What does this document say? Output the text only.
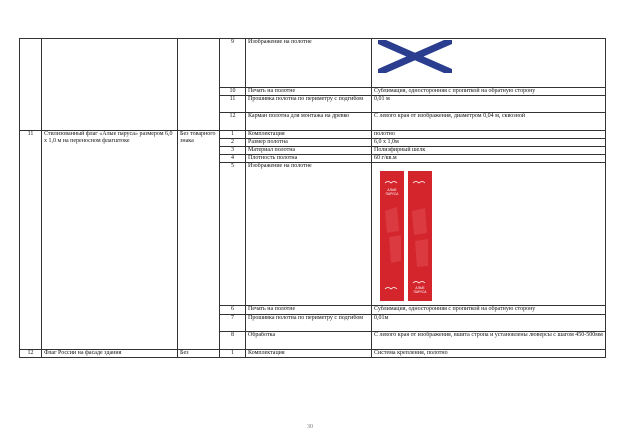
			9	Изображение на полотне	

			10	Печать на полотне	Сублимация, односторонняя с пропиткой на обратную сторону
			11	Прошивка полотна по периметру с подгибом	0,01 м
			12	Карман полотна для монтажа на древко	С левого края от изображения, диаметром 0,04 м, сквозной
11	Стилизованный флаг «Алые паруса» размером 6,0 х 1,0 м на переносном флагштоке	Без товарного знака	1	Комплектация	полотно
			2	Размер полотна	6,0 х 1,0м
			3	Материал полотна	Полиэфирный шелк
			4	Плотность полотна	60 г/кв.м
			5	Изображение на полотне	АЛЫЕ
ПАРУСА
АЛЫЕ
ПАРУСА

			6	Печать на полотне	Сублимация, односторонняя с пропиткой на обратную сторону
			7	Прошивка полотна по периметру с подгибом	0,01м
			8	Обработка	С левого края от изображения, вшита стропа и установлены люверсы с шагом 450-500мм
12	Флаг России на фасаде здания	Без	1	Комплектация	Система крепления, полотно
30
